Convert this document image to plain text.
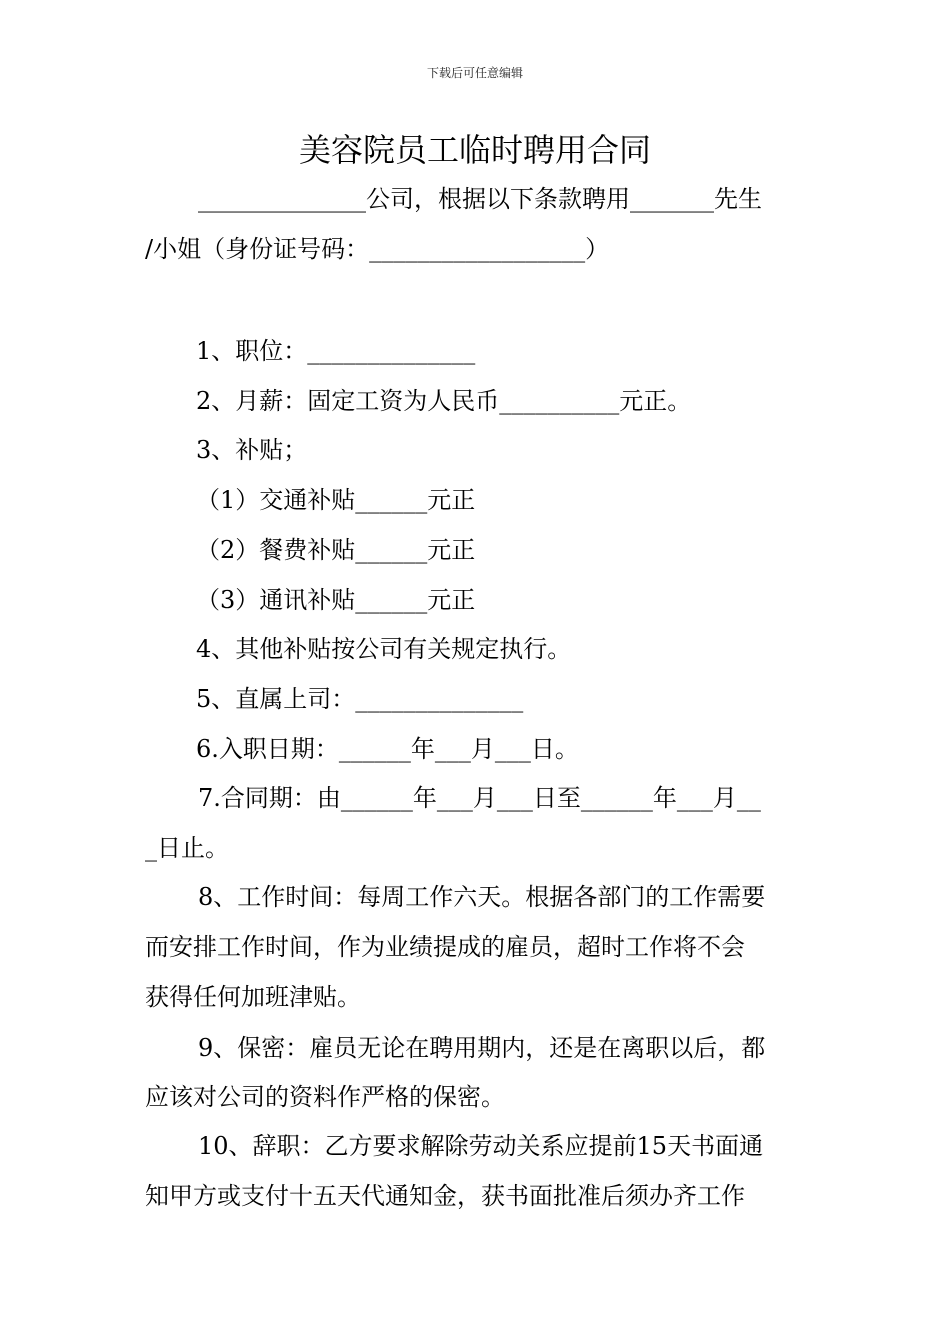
下载后可任意编辑
美容院员工临时聘用合同
______________公司，根据以下条款聘用_______先生
/小姐（身份证号码：__________________）
1、职位：______________
2、月薪：固定工资为人民币__________元正。
3、补贴；
（1）交通补贴______元正
（2）餐费补贴______元正
（3）通讯补贴______元正
4、其他补贴按公司有关规定执行。
5、直属上司：______________
6.入职日期：______年___月___日。
7.合同期：由______年___月___日至______年___月__
_日止。
8、工作时间：每周工作六天。根据各部门的工作需要
而安排工作时间，作为业绩提成的雇员，超时工作将不会
获得任何加班津贴。
9、保密：雇员无论在聘用期内，还是在离职以后，都
应该对公司的资料作严格的保密。
10、辞职：乙方要求解除劳动关系应提前15天书面通
知甲方或支付十五天代通知金，获书面批准后须办齐工作
